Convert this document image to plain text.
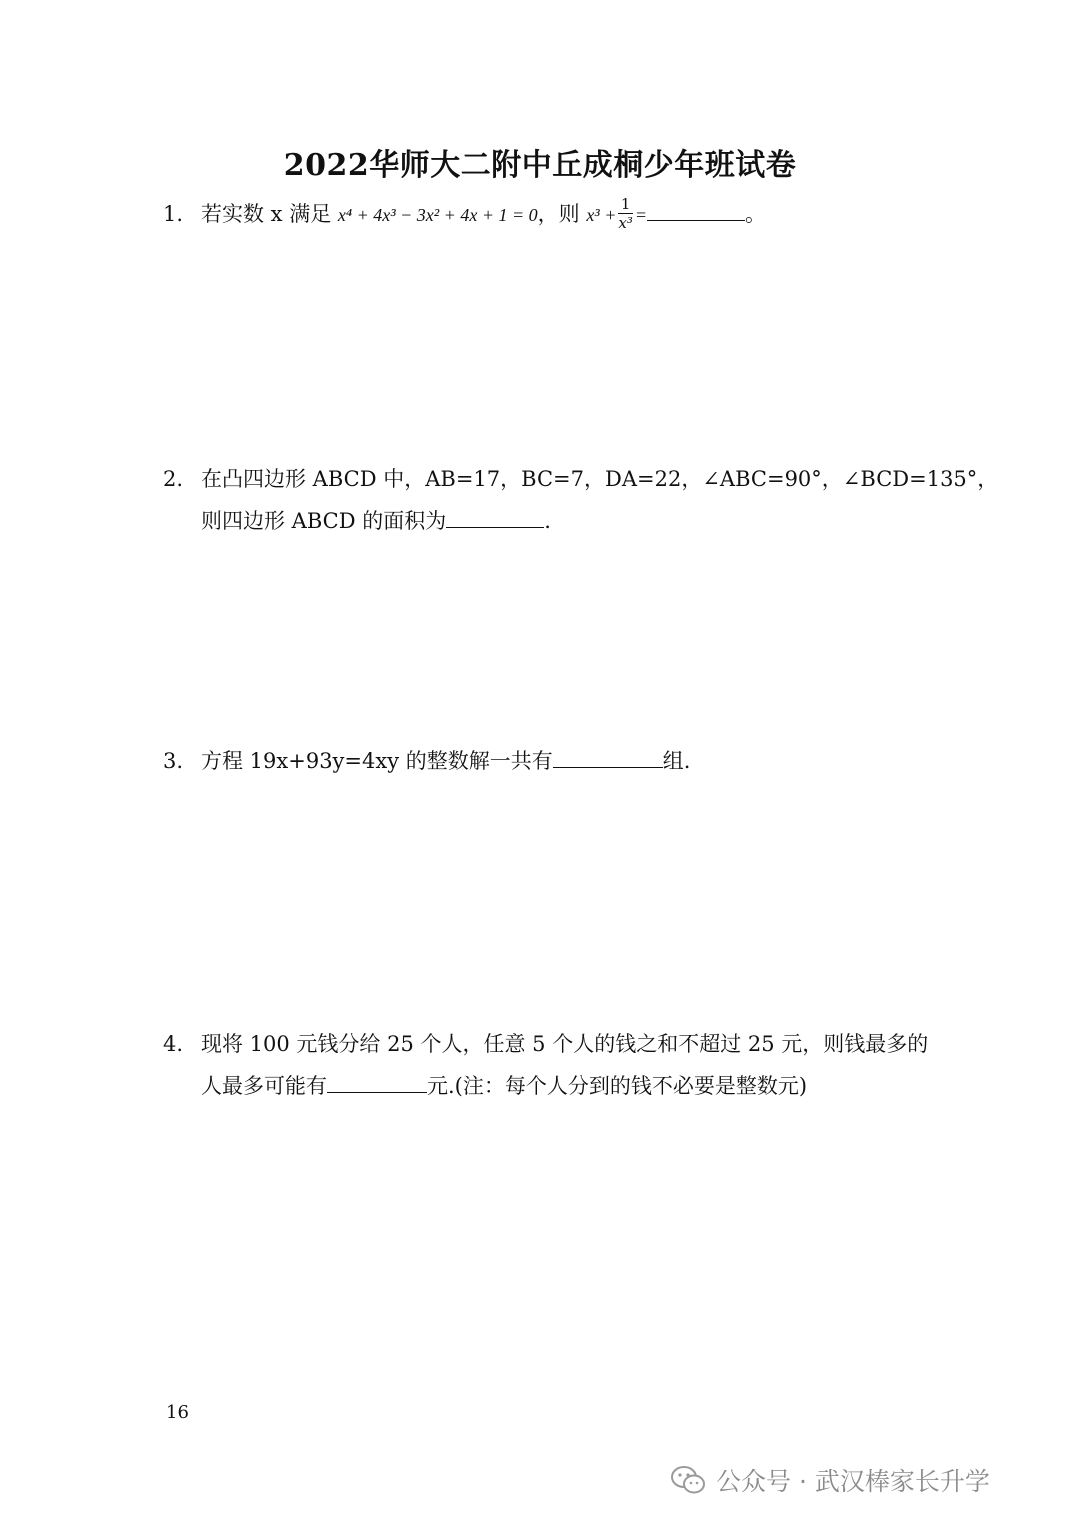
2022华师大二附中丘成桐少年班试卷
1. 若实数 x 满足 x⁴ + 4x³ − 3x² + 4x + 1 = 0，则 $x^3 + \frac{1}{\text{x³}}$ =	。
2. 在凸四边形 ABCD 中，AB=17，BC=7，DA=22，∠ABC=90°，∠BCD=135°，
则四边形 ABCD 的面积为	.
3. 方程 19x+93y=4xy 的整数解一共有	组.
4. 现将 100 元钱分给 25 个人，任意 5 个人的钱之和不超过 25 元，则钱最多的
人最多可能有	元.(注：每个人分到的钱不必要是整数元)
16
公众号 · 武汉棒家长升学
